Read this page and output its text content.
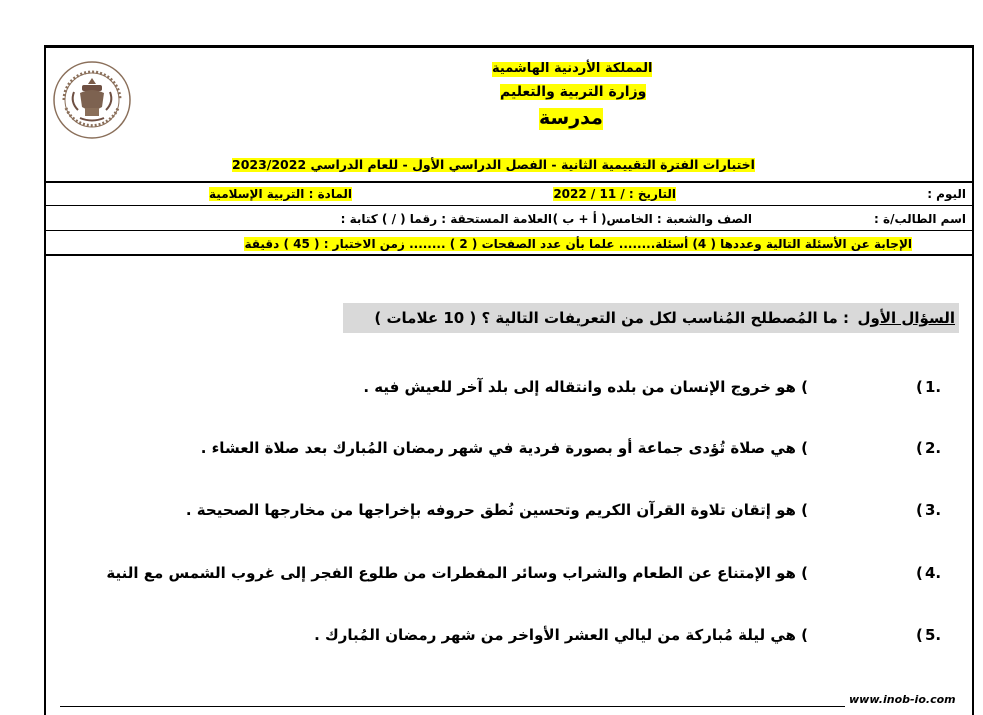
المملكة الأردنية الهاشمية
وزارة التربية والتعليم
مدرسة
اختبارات الفترة التقييمية الثانية - الفصل الدراسي الأول - للعام الدراسي 2023/2022
اليوم :
التاريخ : / 11 / 2022
المادة : التربية الإسلامية
اسم الطالب/ة :
الصف والشعبة : الخامس( أ + ب )
العلامة المستحقة : رقما ( / ) كتابة :
الإجابة عن الأسئلة التالية وعددها ( 4) أسئلة........ علما بأن عدد الصفحات ( 2 ) ........ زمن الاختبار : ( 45 ) دقيقة
السؤال الأول
: ما المُصطلح المُناسب لكل من التعريفات التالية ؟ ( 10 علامات )
1.
(
) هو خروج الإنسان من بلده وانتقاله إلى بلد آخر للعيش فيه .
2.
(
) هي صلاة تُؤدى جماعة أو بصورة فردية في شهر رمضان المُبارك بعد صلاة العشاء .
3.
(
) هو إتقان تلاوة القرآن الكريم وتحسين نُطق حروفه بإخراجها من مخارجها الصحيحة .
4.
(
) هو الإمتناع عن الطعام والشراب وسائر المفطرات من طلوع الفجر إلى غروب الشمس مع النية
5.
(
) هي ليلة مُباركة من ليالي العشر الأواخر من شهر رمضان المُبارك .
www.inob-io.com
